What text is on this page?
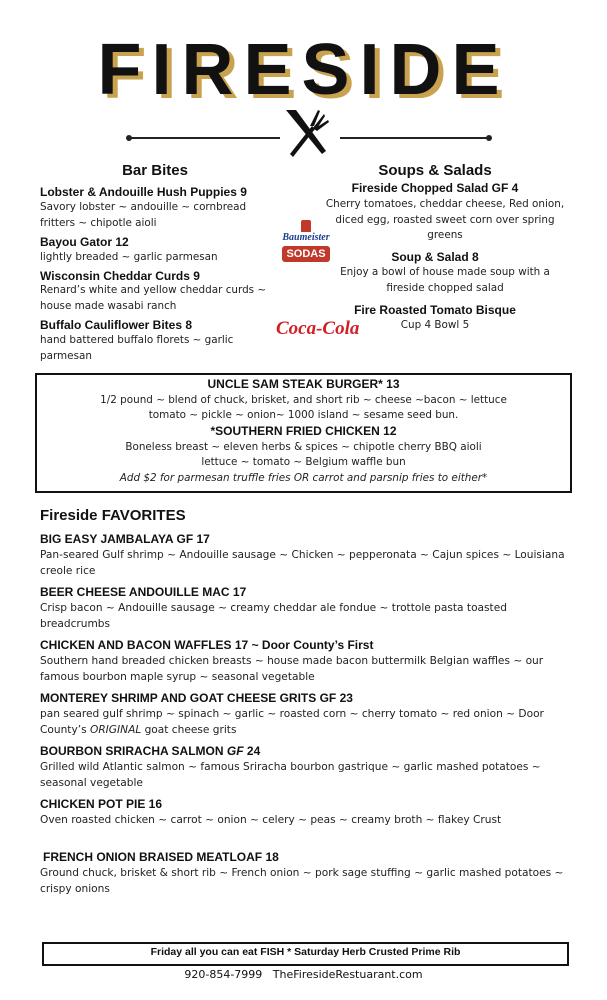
FIRESIDE
Bar Bites
Lobster & Andouille Hush Puppies 9
Savory lobster ~ andouille ~ cornbread fritters ~ chipotle aioli
Bayou Gator 12
lightly breaded ~ garlic parmesan
Wisconsin Cheddar Curds 9
Renard’s white and yellow cheddar curds ~ house made wasabi ranch
Buffalo Cauliflower Bites 8
hand battered buffalo florets ~ garlic parmesan
Baumeister
SODAS
Coca-Cola
Soups & Salads
Fireside Chopped Salad GF 4
Cherry tomatoes, cheddar cheese, Red onion, diced egg, roasted sweet corn over spring greens
Soup & Salad 8
Enjoy a bowl of house made soup with a fireside chopped salad
Fire Roasted Tomato Bisque
Cup 4 Bowl 5
UNCLE SAM STEAK BURGER* 13
1/2 pound ~ blend of chuck, brisket, and short rib ~ cheese ~bacon ~ lettuce
tomato ~ pickle ~ onion~ 1000 island ~ sesame seed bun.
*SOUTHERN FRIED CHICKEN 12
Boneless breast ~ eleven herbs & spices ~ chipotle cherry BBQ aioli
lettuce ~ tomato ~ Belgium waffle bun
Add $2 for parmesan truffle fries OR carrot and parsnip fries to either*
Fireside FAVORITES
BIG EASY JAMBALAYA GF 17
Pan-seared Gulf shrimp ~ Andouille sausage ~ Chicken ~ pepperonata ~ Cajun spices ~ Louisiana creole rice
BEER CHEESE ANDOUILLE MAC 17
Crisp bacon ~ Andouille sausage ~ creamy cheddar ale fondue ~ trottole pasta toasted breadcrumbs
CHICKEN AND BACON WAFFLES 17 ~ Door County’s First
Southern hand breaded chicken breasts ~ house made bacon buttermilk Belgian waffles ~ our famous bourbon maple syrup ~ seasonal vegetable
MONTEREY SHRIMP AND GOAT CHEESE GRITS GF 23
pan seared gulf shrimp ~ spinach ~ garlic ~ roasted corn ~ cherry tomato ~ red onion ~ Door County’s ORIGINAL goat cheese grits
BOURBON SRIRACHA SALMON GF 24
Grilled wild Atlantic salmon ~ famous Sriracha bourbon gastrique ~ garlic mashed potatoes ~ seasonal vegetable
CHICKEN POT PIE 16
Oven roasted chicken ~ carrot ~ onion ~ celery ~ peas ~ creamy broth ~ flakey Crust
FRENCH ONION BRAISED MEATLOAF 18
Ground chuck, brisket & short rib ~ French onion ~ pork sage stuffing ~ garlic mashed potatoes ~ crispy onions
Friday all you can eat FISH * Saturday Herb Crusted Prime Rib
920-854-7999   TheFiresideRestuarant.com
